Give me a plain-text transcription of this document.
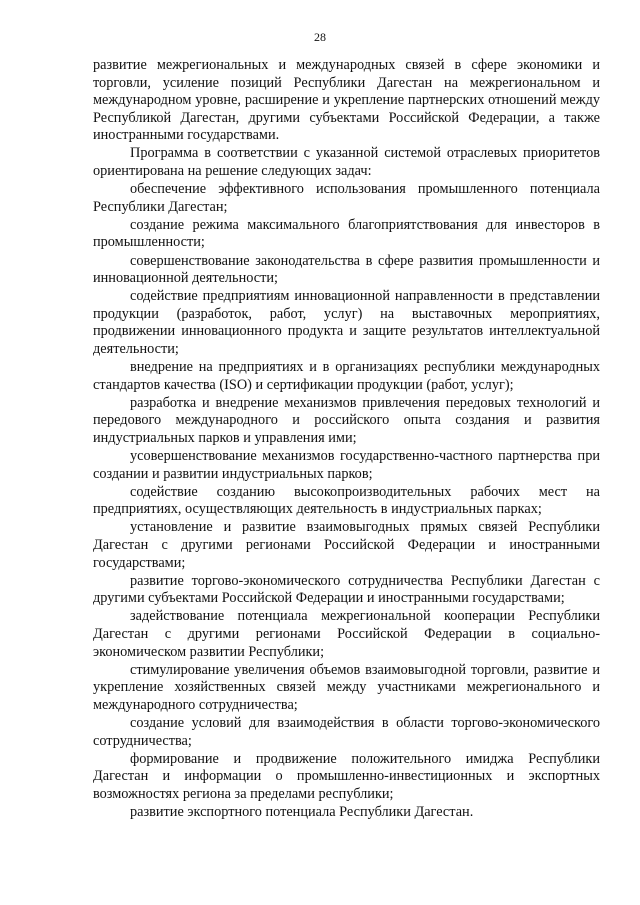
28

развитие межрегиональных и международных связей в сфере экономики и торговли, усиление позиций Республики Дагестан на межрегиональном и международном уровне, расширение и укрепление партнерских отношений между Республикой Дагестан, другими субъектами Российской Федерации, а также иностранными государствами.

Программа в соответствии с указанной системой отраслевых приоритетов ориентирована на решение следующих задач:

обеспечение эффективного использования промышленного потенциала Республики Дагестан;

создание режима максимального благоприятствования для инвесторов в промышленности;

совершенствование законодательства в сфере развития промышленности и инновационной деятельности;

содействие предприятиям инновационной направленности в представлении продукции (разработок, работ, услуг) на выставочных мероприятиях, продвижении инновационного продукта и защите результатов интеллектуальной деятельности;

внедрение на предприятиях и в организациях республики международных стандартов качества (ISO) и сертификации продукции (работ, услуг);

разработка и внедрение механизмов привлечения передовых технологий и передового международного и российского опыта создания и развития индустриальных парков и управления ими;

усовершенствование механизмов государственно-частного партнерства при создании и развитии индустриальных парков;

содействие созданию высокопроизводительных рабочих мест на предприятиях, осуществляющих деятельность в индустриальных парках;

установление и развитие взаимовыгодных прямых связей Республики Дагестан с другими регионами Российской Федерации и иностранными государствами;

развитие торгово-экономического сотрудничества Республики Дагестан с другими субъектами Российской Федерации и иностранными государствами;

задействование потенциала межрегиональной кооперации Республики Дагестан с другими регионами Российской Федерации в социально-экономическом развитии Республики;

стимулирование увеличения объемов взаимовыгодной торговли, развитие и укрепление хозяйственных связей между участниками межрегионального и международного сотрудничества;

создание условий для взаимодействия в области торгово-экономического сотрудничества;

формирование и продвижение положительного имиджа Республики Дагестан и информации о промышленно-инвестиционных и экспортных возможностях региона за пределами республики;

развитие экспортного потенциала Республики Дагестан.
